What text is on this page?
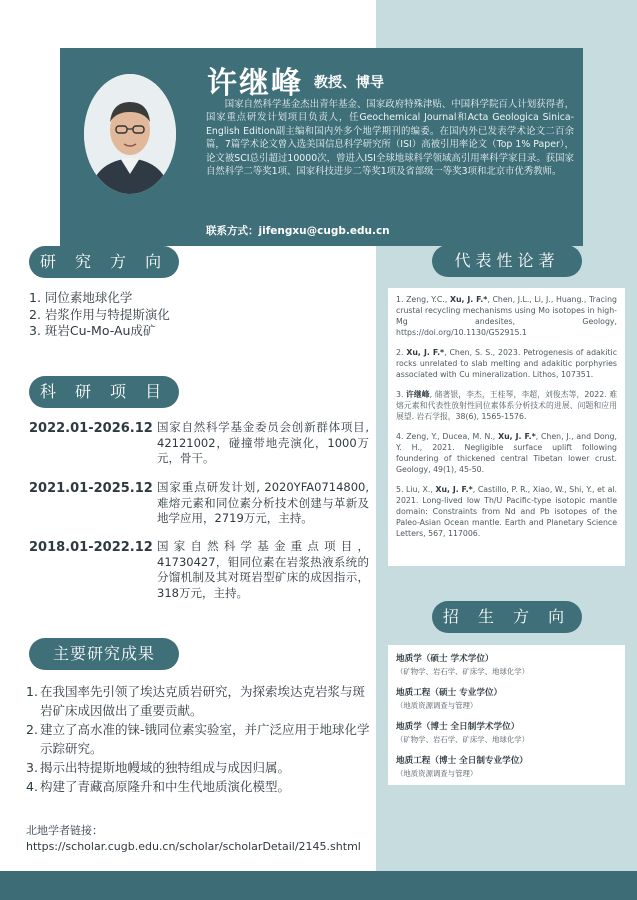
许继峰 教授、博导
国家自然科学基金杰出青年基金、国家政府特殊津贴、中国科学院百人计划获得者，国家重点研发计划项目负责人，任Geochemical Journal和Acta Geologica Sinica-English Edition副主编和国内外多个地学期刊的编委。在国内外已发表学术论文二百余篇，7篇学术论文曾入选美国信息科学研究所（ISI）高被引用率论文（Top 1% Paper），论文被SCI总引超过10000次，曾进入ISI全球地球科学领域高引用率科学家目录。获国家自然科学二等奖1项、国家科技进步二等奖1项及省部级一等奖3项和北京市优秀教师。
联系方式：jifengxu@cugb.edu.cn
研 究 方 向
1. 同位素地球化学
2. 岩浆作用与特提斯演化
3. 斑岩Cu-Mo-Au成矿
科 研 项 目
2022.01-2026.12 国家自然科学基金委员会创新群体项目, 42121002，碰撞带地壳演化，1000万元，骨干。
2021.01-2025.12 国家重点研发计划, 2020YFA0714800, 难熔元素和同位素分析技术创建与革新及地学应用，2719万元，主持。
2018.01-2022.12 国家自然科学基金重点项目，41730427，钼同位素在岩浆热液系统的分馏机制及其对斑岩型矿床的成因指示，318万元，主持。
主要研究成果
1. 在我国率先引领了埃达克质岩研究，为探索埃达克岩浆与斑岩矿床成因做出了重要贡献。
2. 建立了高水准的铼-锇同位素实验室，并广泛应用于地球化学示踪研究。
3. 揭示出特提斯地幔域的独特组成与成因归属。
4. 构建了青藏高原隆升和中生代地质演化模型。
北地学者链接：
https://scholar.cugb.edu.cn/scholar/scholarDetail/2145.shtml
代表性论著
1. Zeng, Y.C., Xu, J. F.*, Chen, J.L., Li, J., Huang., Tracing crustal recycling mechanisms using Mo isotopes in high-Mg andesites, Geology, https://doi.org/10.1130/G52915.1
2. Xu, J. F.*, Chen, S. S., 2023. Petrogenesis of adakitic rocks unrelated to slab melting and adakitic porphyries associated with Cu mineralization. Lithos, 107351.
3. 许继峰, 储著银，李杰，王桂琴，李超，刘俊杰等，2022. 难熔元素和代表性放射性同位素体系分析技术的进展、问题和应用展望. 岩石学报，38(6), 1565-1576.
4. Zeng, Y., Ducea, M. N., Xu, J. F.*, Chen, J., and Dong, Y. H., 2021. Negligible surface uplift following foundering of thickened central Tibetan lower crust. Geology, 49(1), 45-50.
5. Liu, X., Xu, J. F.*, Castillo, P. R., Xiao, W., Shi, Y., et al. 2021. Long-lived low Th/U Pacific-type isotopic mantle domain: Constraints from Nd and Pb isotopes of the Paleo-Asian Ocean mantle. Earth and Planetary Science Letters, 567, 117006.
招 生 方 向
地质学（硕士 学术学位）
（矿物学、岩石学、矿床学、地球化学）
地质工程（硕士 专业学位）
（地质资源调查与管理）
地质学（博士 全日制学术学位）
（矿物学、岩石学、矿床学、地球化学）
地质工程（博士 全日制专业学位）
（地质资源调查与管理）
